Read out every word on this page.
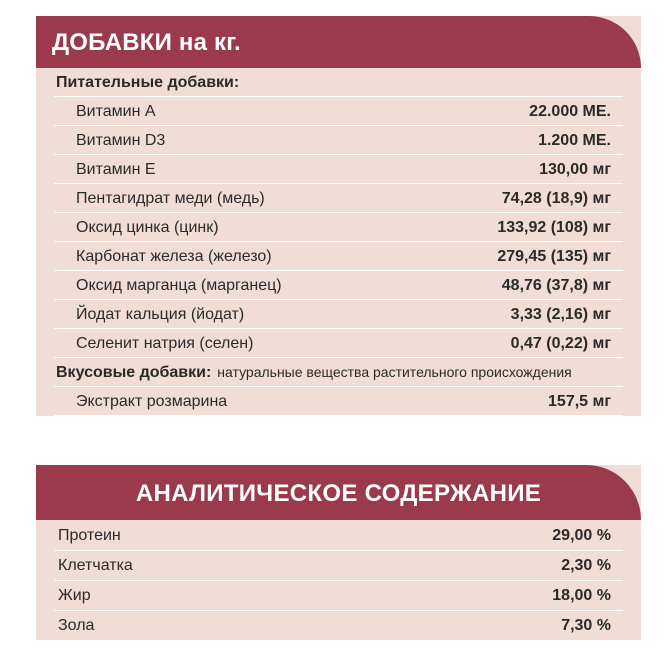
ДОБАВКИ на кг.
Питательные добавки:
Витамин A	22.000 ME.
Витамин D3	1.200 ME.
Витамин E	130,00 мг
Пентагидрат меди (медь)	74,28 (18,9) мг
Оксид цинка (цинк)	133,92 (108) мг
Карбонат железа (железо)	279,45 (135) мг
Оксид марганца (марганец)	48,76 (37,8) мг
Йодат кальция (йодат)	3,33 (2,16) мг
Селенит натрия (селен)	0,47 (0,22) мг
Вкусовые добавки: натуральные вещества растительного происхождения
Экстракт розмарина	157,5 мг
АНАЛИТИЧЕСКОЕ СОДЕРЖАНИЕ
Протеин	29,00 %
Клетчатка	2,30 %
Жир	18,00 %
Зола	7,30 %
